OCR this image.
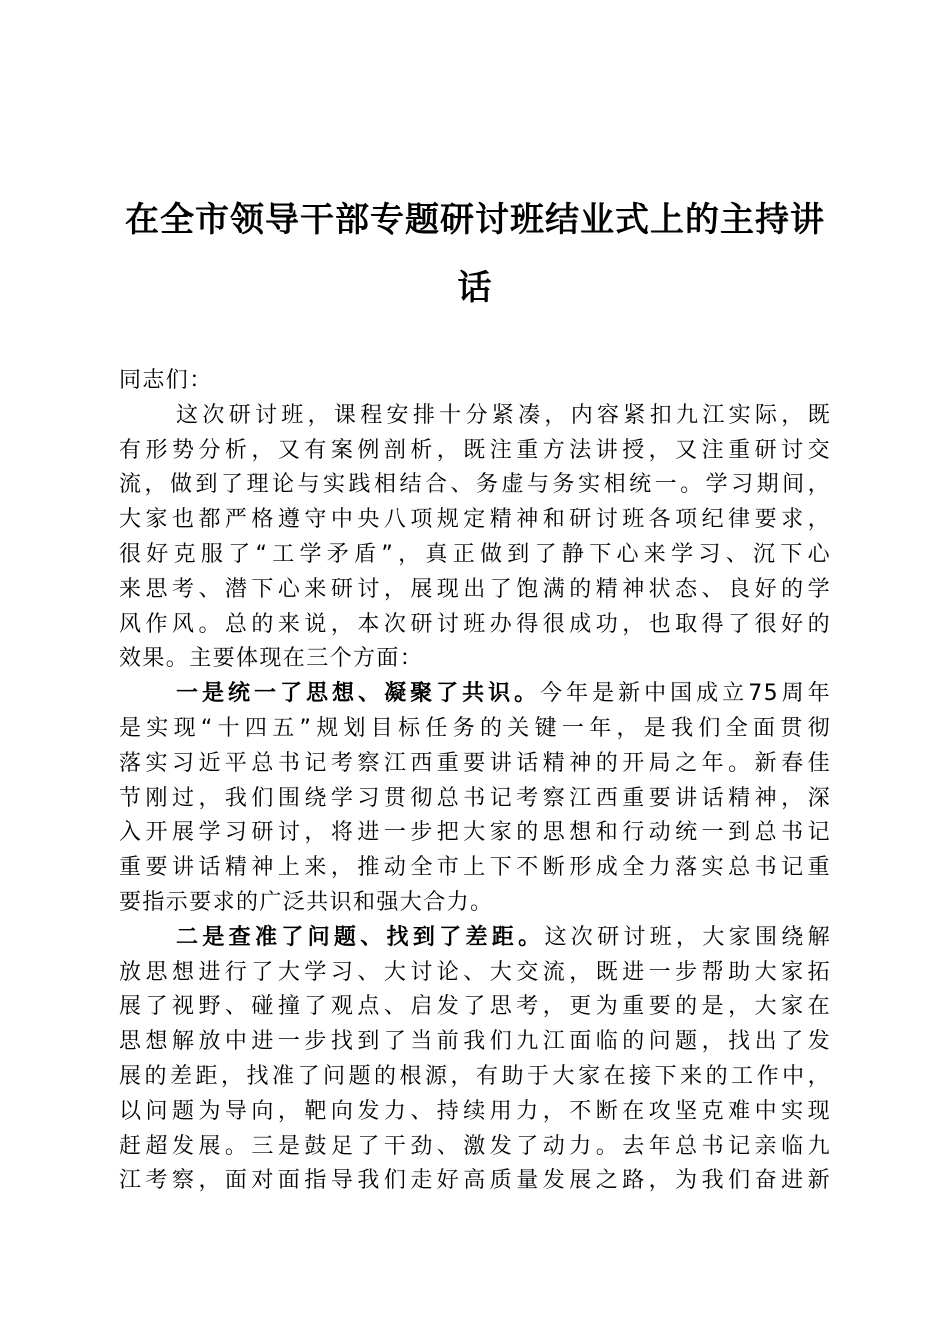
在全市领导干部专题研讨班结业式上的主持讲
话

同志们：

这次研讨班，课程安排十分紧凑，内容紧扣九江实际，既
有形势分析，又有案例剖析，既注重方法讲授，又注重研讨交
流，做到了理论与实践相结合、务虚与务实相统一。学习期间，
大家也都严格遵守中央八项规定精神和研讨班各项纪律要求，
很好克服了“工学矛盾”，真正做到了静下心来学习、沉下心
来思考、潜下心来研讨，展现出了饱满的精神状态、良好的学
风作风。总的来说，本次研讨班办得很成功，也取得了很好的
效果。主要体现在三个方面：

一是统一了思想、凝聚了共识。今年是新中国成立75周年
是实现“十四五”规划目标任务的关键一年，是我们全面贯彻
落实习近平总书记考察江西重要讲话精神的开局之年。新春佳
节刚过，我们围绕学习贯彻总书记考察江西重要讲话精神，深
入开展学习研讨，将进一步把大家的思想和行动统一到总书记
重要讲话精神上来，推动全市上下不断形成全力落实总书记重
要指示要求的广泛共识和强大合力。

二是查准了问题、找到了差距。这次研讨班，大家围绕解
放思想进行了大学习、大讨论、大交流，既进一步帮助大家拓
展了视野、碰撞了观点、启发了思考，更为重要的是，大家在
思想解放中进一步找到了当前我们九江面临的问题，找出了发
展的差距，找准了问题的根源，有助于大家在接下来的工作中，
以问题为导向，靶向发力、持续用力，不断在攻坚克难中实现
赶超发展。三是鼓足了干劲、激发了动力。去年总书记亲临九
江考察，面对面指导我们走好高质量发展之路，为我们奋进新
